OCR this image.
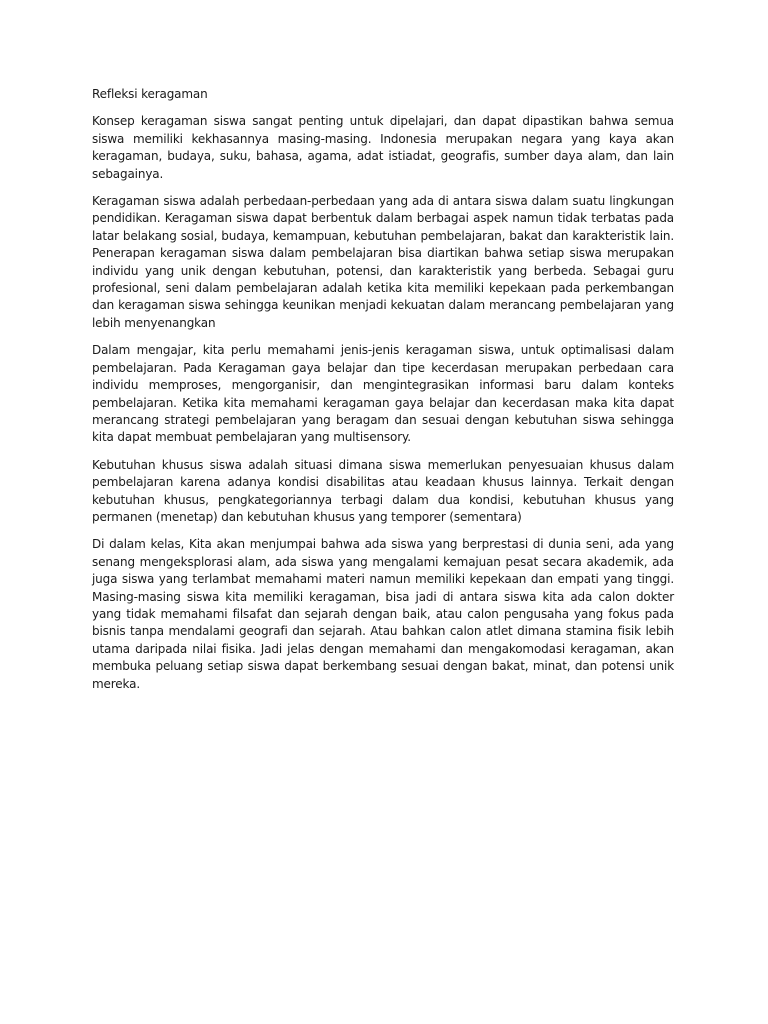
Refleksi keragaman

Konsep keragaman siswa sangat penting untuk dipelajari, dan dapat dipastikan bahwa semua siswa memiliki kekhasannya masing-masing. Indonesia merupakan negara yang kaya akan keragaman, budaya, suku, bahasa, agama, adat istiadat, geografis, sumber daya alam, dan lain sebagainya.

Keragaman siswa adalah perbedaan-perbedaan yang ada di antara siswa dalam suatu lingkungan pendidikan. Keragaman siswa dapat berbentuk dalam berbagai aspek namun tidak terbatas pada latar belakang sosial, budaya, kemampuan, kebutuhan pembelajaran, bakat dan karakteristik lain. Penerapan keragaman siswa dalam pembelajaran bisa diartikan bahwa setiap siswa merupakan individu yang unik dengan kebutuhan, potensi, dan karakteristik yang berbeda. Sebagai guru profesional, seni dalam pembelajaran adalah ketika kita memiliki kepekaan pada perkembangan dan keragaman siswa sehingga keunikan menjadi kekuatan dalam merancang pembelajaran yang lebih menyenangkan

Dalam mengajar, kita perlu memahami jenis-jenis keragaman siswa, untuk optimalisasi dalam pembelajaran. Pada Keragaman gaya belajar dan tipe kecerdasan merupakan perbedaan cara individu memproses, mengorganisir, dan mengintegrasikan informasi baru dalam konteks pembelajaran. Ketika kita memahami keragaman gaya belajar dan kecerdasan maka kita dapat merancang strategi pembelajaran yang beragam dan sesuai dengan kebutuhan siswa sehingga kita dapat membuat pembelajaran yang multisensory.

Kebutuhan khusus siswa adalah situasi dimana siswa memerlukan penyesuaian khusus dalam pembelajaran karena adanya kondisi disabilitas atau keadaan khusus lainnya. Terkait dengan kebutuhan khusus, pengkategoriannya terbagi dalam dua kondisi, kebutuhan khusus yang permanen (menetap) dan kebutuhan khusus yang temporer (sementara)

Di dalam kelas, Kita akan menjumpai bahwa ada siswa yang berprestasi di dunia seni, ada yang senang mengeksplorasi alam, ada siswa yang mengalami kemajuan pesat secara akademik, ada juga siswa yang terlambat memahami materi namun memiliki kepekaan dan empati yang tinggi. Masing-masing siswa kita memiliki keragaman, bisa jadi di antara siswa kita ada calon dokter yang tidak memahami filsafat dan sejarah dengan baik, atau calon pengusaha yang fokus pada bisnis tanpa mendalami geografi dan sejarah. Atau bahkan calon atlet dimana stamina fisik lebih utama daripada nilai fisika. Jadi jelas dengan memahami dan mengakomodasi keragaman, akan membuka peluang setiap siswa dapat berkembang sesuai dengan bakat, minat, dan potensi unik mereka.
